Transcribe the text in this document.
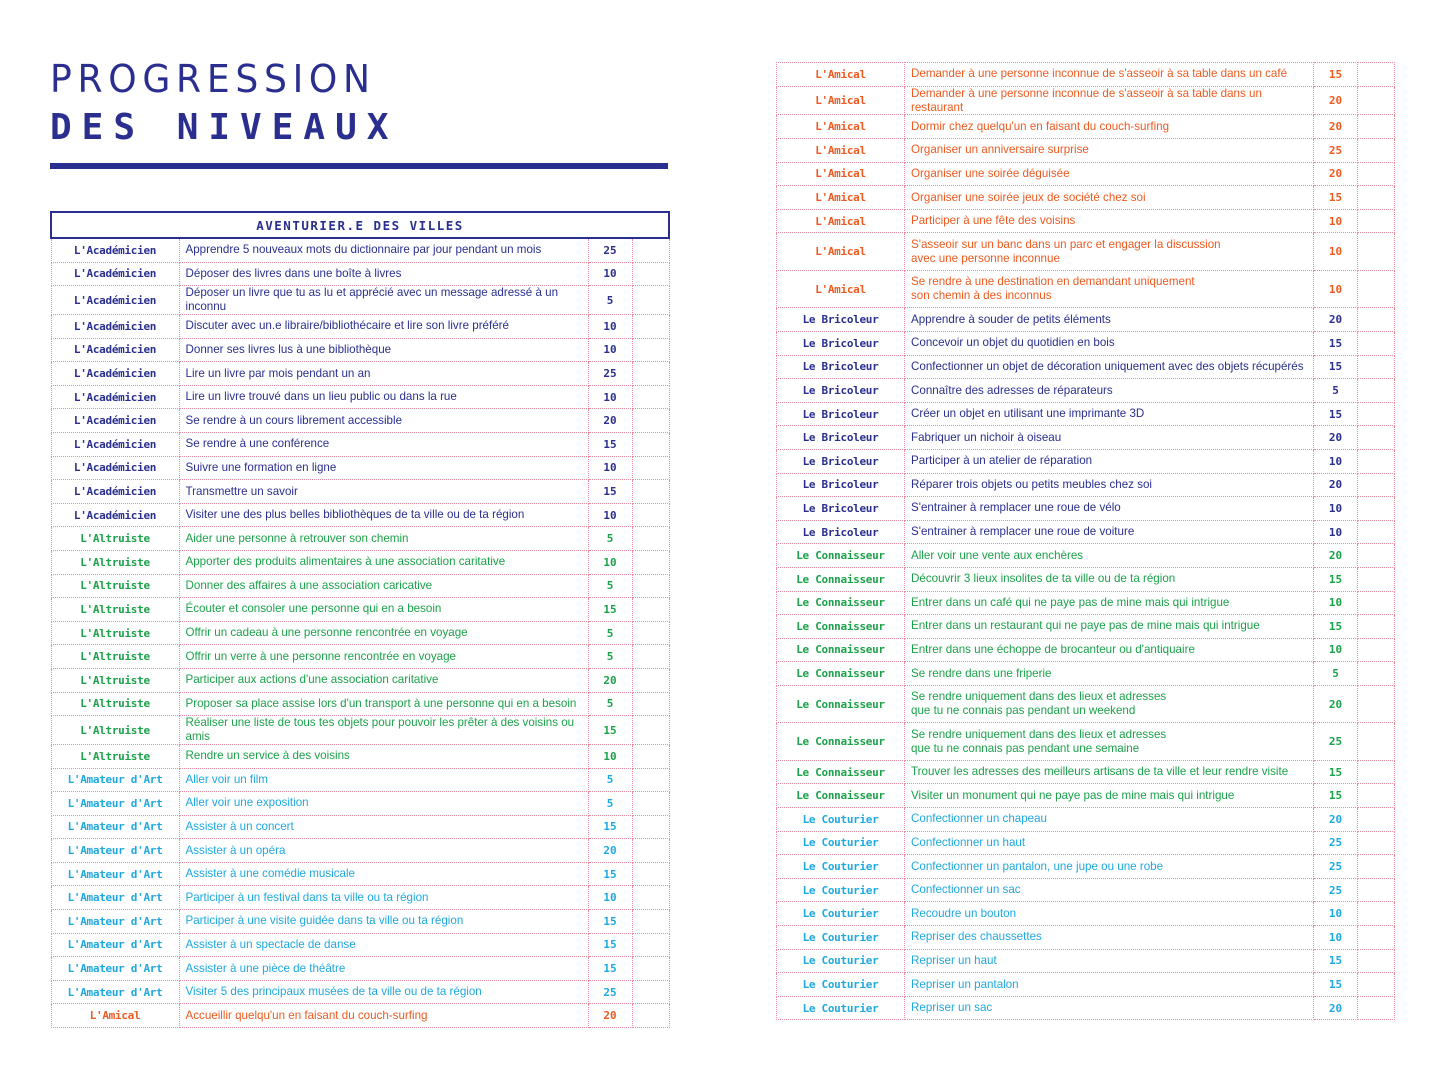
PROGRESSION
DES NIVEAUX
AVENTURIER.E DES VILLES			
L'Académicien	Apprendre 5 nouveaux mots du dictionnaire par jour pendant un mois	25	
L'Académicien	Déposer des livres dans une boîte à livres	10	
L'Académicien	Déposer un livre que tu as lu et apprécié avec un message adressé à un inconnu	5	
L'Académicien	Discuter avec un.e libraire/bibliothécaire et lire son livre préféré	10	
L'Académicien	Donner ses livres lus à une bibliothèque	10	
L'Académicien	Lire un livre par mois pendant un an	25	
L'Académicien	Lire un livre trouvé dans un lieu public ou dans la rue	10	
L'Académicien	Se rendre à un cours librement accessible	20	
L'Académicien	Se rendre à une conférence	15	
L'Académicien	Suivre une formation en ligne	10	
L'Académicien	Transmettre un savoir	15	
L'Académicien	Visiter une des plus belles bibliothèques de ta ville ou de ta région	10	
L'Altruiste	Aider une personne à retrouver son chemin	5	
L'Altruiste	Apporter des produits alimentaires à une association caritative	10	
L'Altruiste	Donner des affaires à une association caricative	5	
L'Altruiste	Écouter et consoler une personne qui en a besoin	15	
L'Altruiste	Offrir un cadeau à une personne rencontrée en voyage	5	
L'Altruiste	Offrir un verre à une personne rencontrée en voyage	5	
L'Altruiste	Participer aux actions d'une association caritative	20	
L'Altruiste	Proposer sa place assise lors d'un transport à une personne qui en a besoin	5	
L'Altruiste	Réaliser une liste de tous tes objets pour pouvoir les prêter à des voisins ou amis	15	
L'Altruiste	Rendre un service à des voisins	10	
L'Amateur d'Art	Aller voir un film	5	
L'Amateur d'Art	Aller voir une exposition	5	
L'Amateur d'Art	Assister à un concert	15	
L'Amateur d'Art	Assister à un opéra	20	
L'Amateur d'Art	Assister à une comédie musicale	15	
L'Amateur d'Art	Participer à un festival dans ta ville ou ta région	10	
L'Amateur d'Art	Participer à une visite guidée dans ta ville ou ta région	15	
L'Amateur d'Art	Assister à un spectacle de danse	15	
L'Amateur d'Art	Assister à une pièce de théâtre	15	
L'Amateur d'Art	Visiter 5 des principaux musées de ta ville ou de ta région	25	
L'Amical	Accueillir quelqu'un en faisant du couch-surfing	20	
L'Amical	Demander à une personne inconnue de s'asseoir à sa table dans un café	15	
L'Amical	Demander à une personne inconnue de s'asseoir à sa table dans un restaurant	20	
L'Amical	Dormir chez quelqu'un en faisant du couch-surfing	20	
L'Amical	Organiser un anniversaire surprise	25	
L'Amical	Organiser une soirée déguisée	20	
L'Amical	Organiser une soirée jeux de société chez soi	15	
L'Amical	Participer à une fête des voisins	10	
L'Amical	S'asseoir sur un banc dans un parc et engager la discussion
avec une personne inconnue	10	
L'Amical	Se rendre à une destination en demandant uniquement
son chemin à des inconnus	10	
Le Bricoleur	Apprendre à souder de petits éléments	20	
Le Bricoleur	Concevoir un objet du quotidien en bois	15	
Le Bricoleur	Confectionner un objet de décoration uniquement avec des objets récupérés	15	
Le Bricoleur	Connaître des adresses de réparateurs	5	
Le Bricoleur	Créer un objet en utilisant une imprimante 3D	15	
Le Bricoleur	Fabriquer un nichoir à oiseau	20	
Le Bricoleur	Participer à un atelier de réparation	10	
Le Bricoleur	Réparer trois objets ou petits meubles chez soi	20	
Le Bricoleur	S'entrainer à remplacer une roue de vélo	10	
Le Bricoleur	S'entrainer à remplacer une roue de voiture	10	
Le Connaisseur	Aller voir une vente aux enchères	20	
Le Connaisseur	Découvrir 3 lieux insolites de ta ville ou de ta région	15	
Le Connaisseur	Entrer dans un café qui ne paye pas de mine mais qui intrigue	10	
Le Connaisseur	Entrer dans un restaurant qui ne paye pas de mine mais qui intrigue	15	
Le Connaisseur	Entrer dans une échoppe de brocanteur ou d'antiquaire	10	
Le Connaisseur	Se rendre dans une friperie	5	
Le Connaisseur	Se rendre uniquement dans des lieux et adresses
que tu ne connais pas pendant un weekend	20	
Le Connaisseur	Se rendre uniquement dans des lieux et adresses
que tu ne connais pas pendant une semaine	25	
Le Connaisseur	Trouver les adresses des meilleurs artisans de ta ville et leur rendre visite	15	
Le Connaisseur	Visiter un monument qui ne paye pas de mine mais qui intrigue	15	
Le Couturier	Confectionner un chapeau	20	
Le Couturier	Confectionner un haut	25	
Le Couturier	Confectionner un pantalon, une jupe ou une robe	25	
Le Couturier	Confectionner un sac	25	
Le Couturier	Recoudre un bouton	10	
Le Couturier	Repriser des chaussettes	10	
Le Couturier	Repriser un haut	15	
Le Couturier	Repriser un pantalon	15	
Le Couturier	Repriser un sac	20	
